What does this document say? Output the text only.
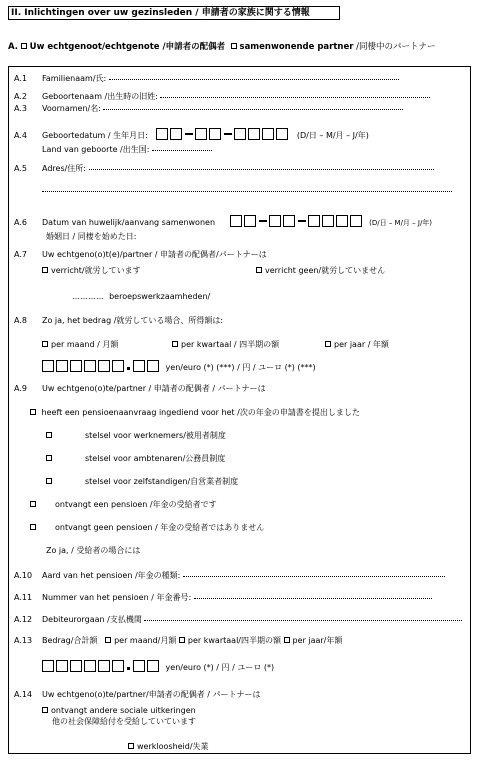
II. Inlichtingen over uw gezinsleden / 申請者の家族に関する情報
A. Uw echtgenoot/echtgenote /申請者の配偶者 samenwonende partner /同棲中のパートナー
A.1 Familienaam/氏:
A.2 Geboortenaam /出生時の旧姓:
A.3 Voornamen/名:
A.4 Geboortedatum / 生年月日:	(D/日 – M/月 – J/年)
Land van geboorte /出生国:
A.5 Adres/住所:
A.6 Datum van huwelijk/aanvang samenwonen	(D/日 – M/月 – J/年)
婚姻日 / 同棲を始めた日:
A.7 Uw echtgeno(o)t(e)/partner / 申請者の配偶者/パートナーは
verricht/就労しています	verricht geen/就労していません
………… beroepswerkzaamheden/
A.8 Zo ja, het bedrag /就労している場合、所得額は:
per maand / 月額	per kwartaal / 四半期の額	per jaar / 年額
yen/euro (*) (***) / 円 / ユーロ (*) (***)
A.9 Uw echtgeno(o)te/partner / 申請者の配偶者 / パートナーは
heeft een pensioenaanvraag ingediend voor het /次の年金の申請書を提出しました
stelsel voor werknemers/被用者制度
stelsel voor ambtenaren/公務員制度
stelsel voor zelfstandigen/自営業者制度
ontvangt een pensioen /年金の受給者です
ontvangt geen pensioen / 年金の受給者ではありません
Zo ja, / 受給者の場合には
A.10 Aard van het pensioen /年金の種類:
A.11 Nummer van het pensioen / 年金番号:
A.12 Debiteurorgaan /支払機関
A.13 Bedrag/合計額 per maand/月額 per kwartaal/四半期の額 per jaar/年額
yen/euro (*) / 円 / ユーロ (*)
A.14 Uw echtgeno(o)te/partner/申請者の配偶者 / パートナーは
ontvangt andere sociale uitkeringen
他の社会保障給付を受給していています
werkloosheid/失業
